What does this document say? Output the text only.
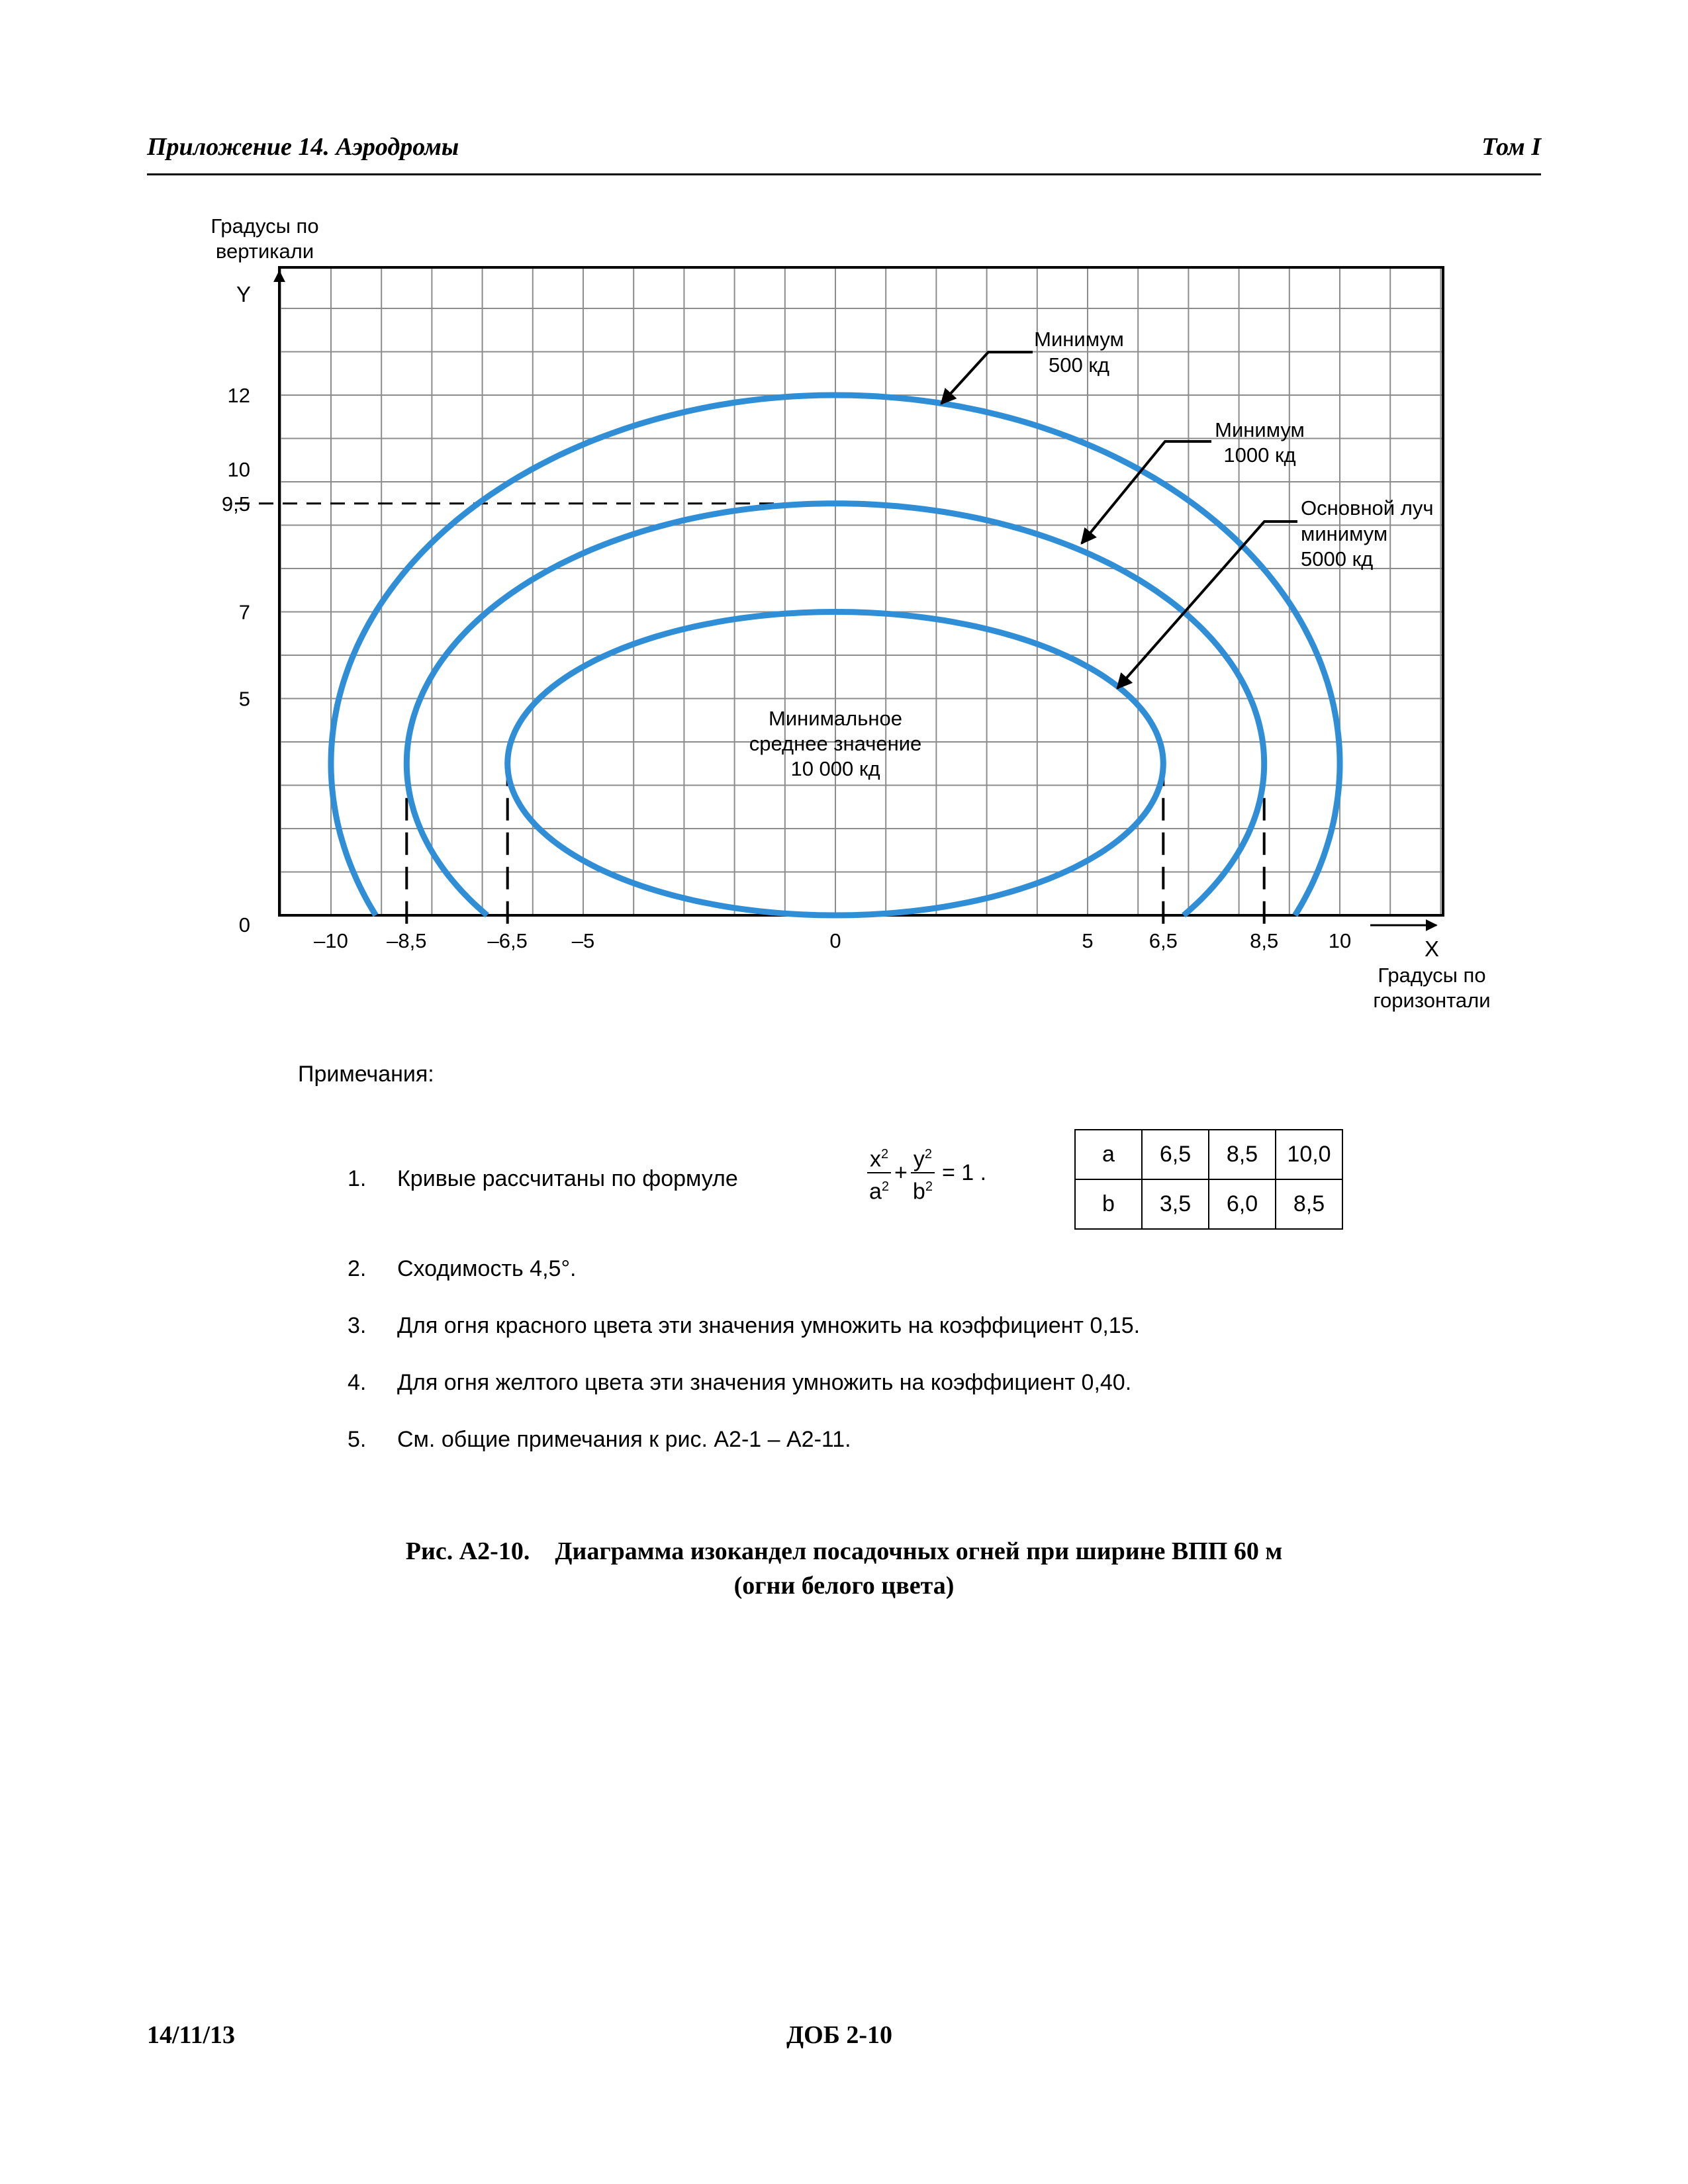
Приложение 14. Аэродромы	Том I
Градусы по
вертикали
Y
X
Градусы по
горизонтали
–10 –8,5	–6,5 –5	0	5	6,5	8,5 10
0
5
7
9,5
10
12
Минимум
500 кд
Минимум
1000 кд
Основной луч
минимум
5000 кд
Минимальное
среднее значение
10 000 кд
Примечания:
1. Кривые рассчитаны по формуле	$\frac{x^2}{a^2} + \frac{y^2}{b^2} = 1$ .
a	6,5	8,5	10,0
b	3,5	6,0	8,5
2. Сходимость 4,5°.
3. Для огня красного цвета эти значения умножить на коэффициент 0,15.
4. Для огня желтого цвета эти значения умножить на коэффициент 0,40.
5. См. общие примечания к рис. А2-1 – А2-11.
Рис. А2-10.    Диаграмма изокандел посадочных огней при ширине ВПП 60 м
(огни белого цвета)
14/11/13	ДОБ 2-10
